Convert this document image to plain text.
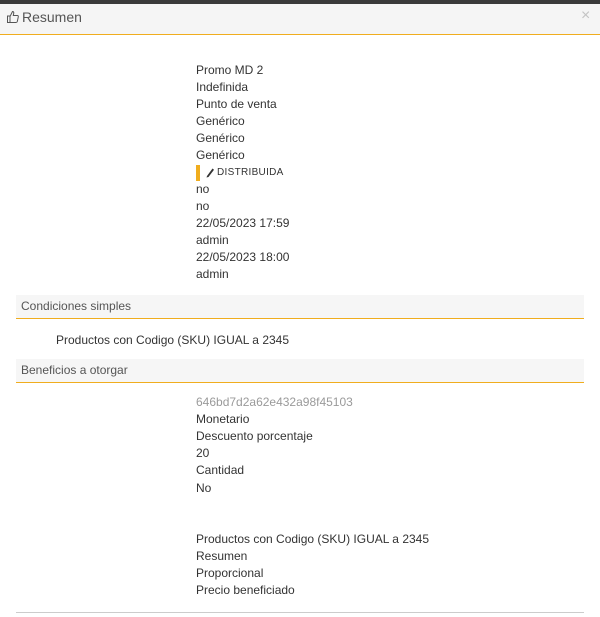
Resumen	×
Promo MD 2
Indefinida
Punto de venta
Genérico
Genérico
Genérico
DISTRIBUIDA
no
no
22/05/2023 17:59
admin
22/05/2023 18:00
admin
Condiciones simples
Productos con Codigo (SKU) IGUAL a 2345
Beneficios a otorgar
646bd7d2a62e432a98f45103
Monetario
Descuento porcentaje
20
Cantidad
No
Productos con Codigo (SKU) IGUAL a 2345
Resumen
Proporcional
Precio beneficiado
